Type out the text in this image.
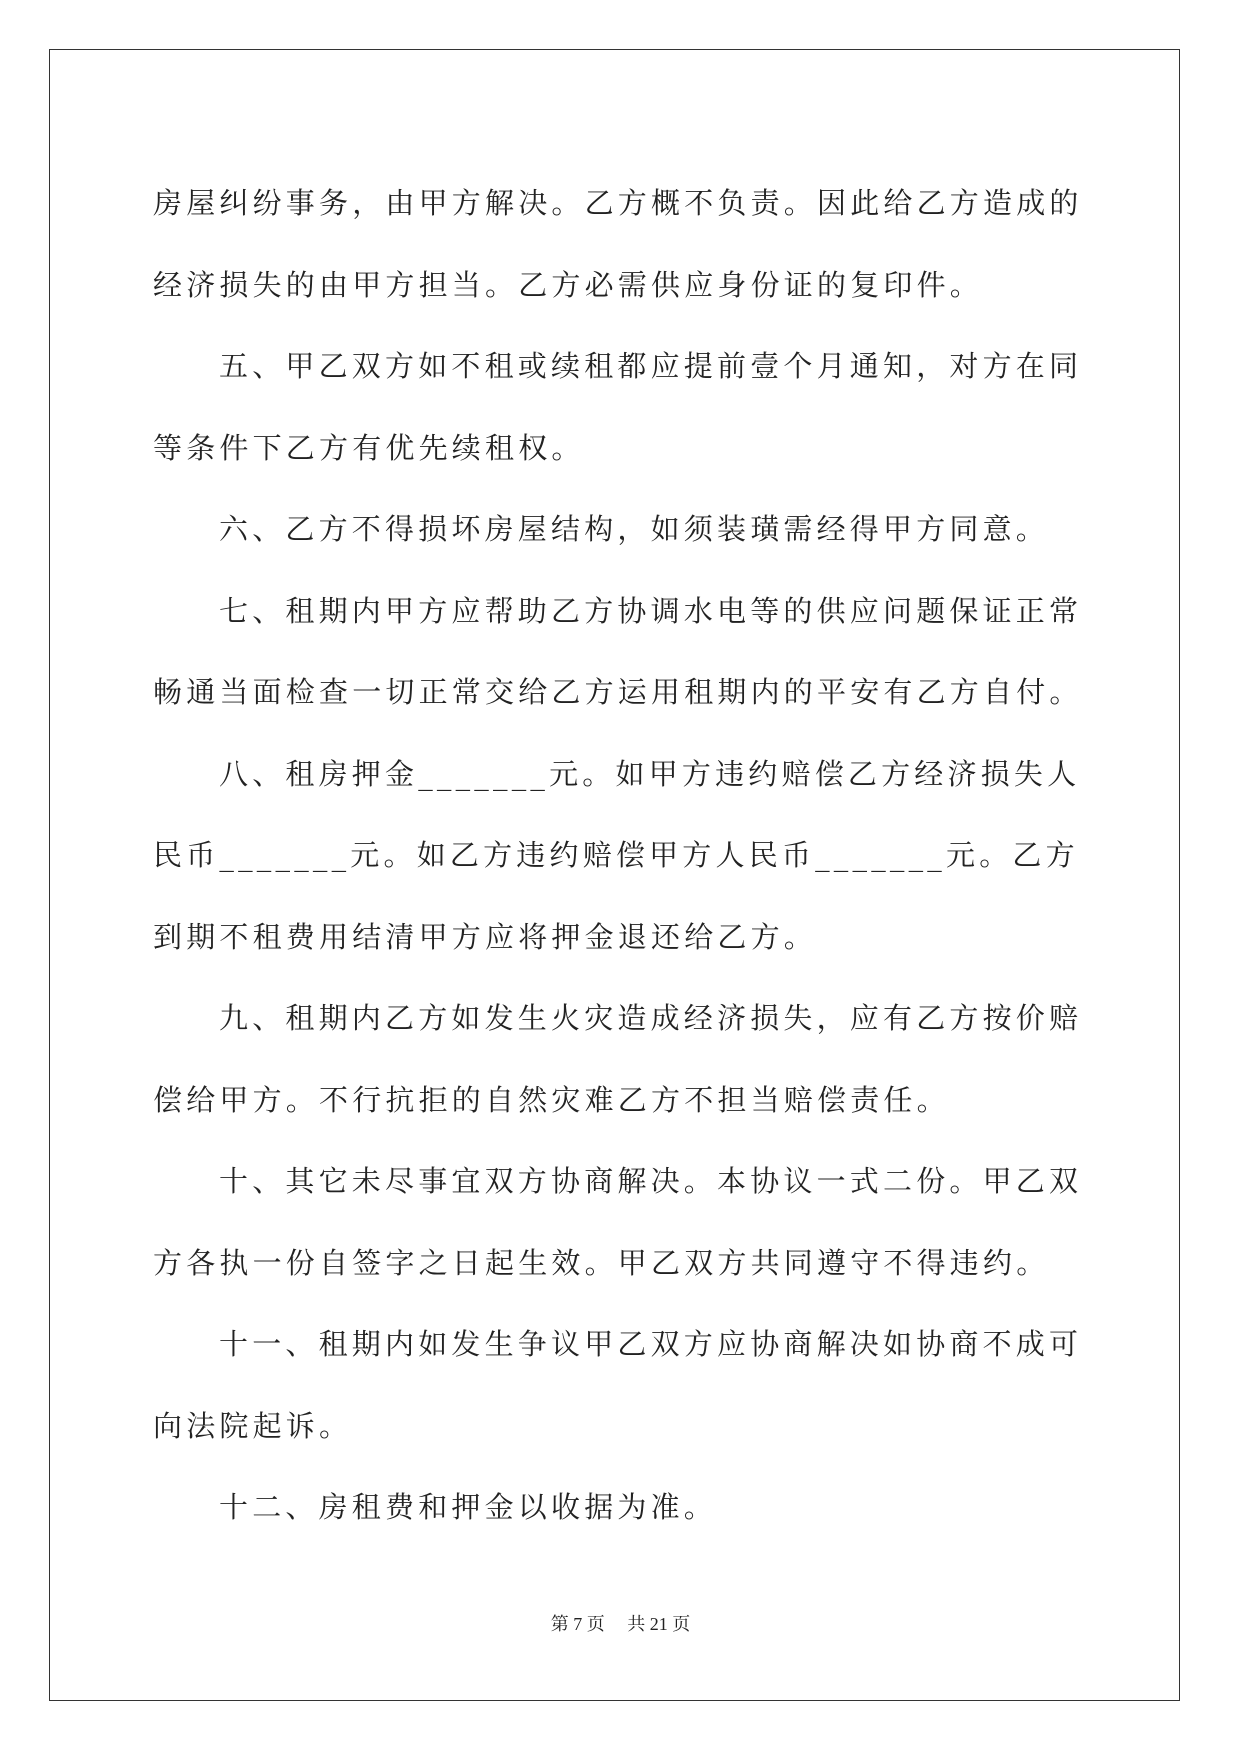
房屋纠纷事务，由甲方解决。乙方概不负责。因此给乙方造成的经济损失的由甲方担当。乙方必需供应身份证的复印件。

五、甲乙双方如不租或续租都应提前壹个月通知，对方在同等条件下乙方有优先续租权。

六、乙方不得损坏房屋结构，如须装璜需经得甲方同意。

七、租期内甲方应帮助乙方协调水电等的供应问题保证正常畅通当面检查一切正常交给乙方运用租期内的平安有乙方自付。

八、租房押金_______元。如甲方违约赔偿乙方经济损失人民币_______元。如乙方违约赔偿甲方人民币_______元。乙方到期不租费用结清甲方应将押金退还给乙方。

九、租期内乙方如发生火灾造成经济损失，应有乙方按价赔偿给甲方。不行抗拒的自然灾难乙方不担当赔偿责任。

十、其它未尽事宜双方协商解决。本协议一式二份。甲乙双方各执一份自签字之日起生效。甲乙双方共同遵守不得违约。

十一、租期内如发生争议甲乙双方应协商解决如协商不成可向法院起诉。

十二、房租费和押金以收据为准。

第 7 页　 共 21 页
